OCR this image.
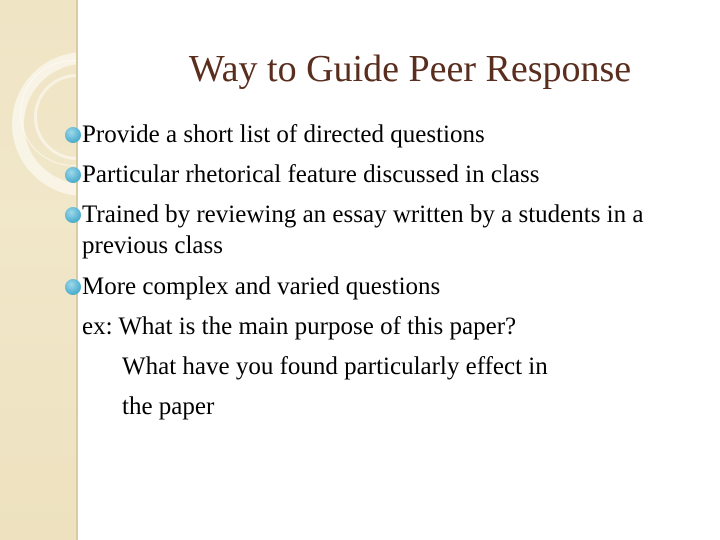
Way to Guide Peer Response
Provide a short list of directed questions
Particular rhetorical feature discussed in class
Trained by reviewing an essay written by a students in a
previous class
More complex and varied questions
ex: What is the main purpose of this paper?
What have you found particularly effect in
the paper
